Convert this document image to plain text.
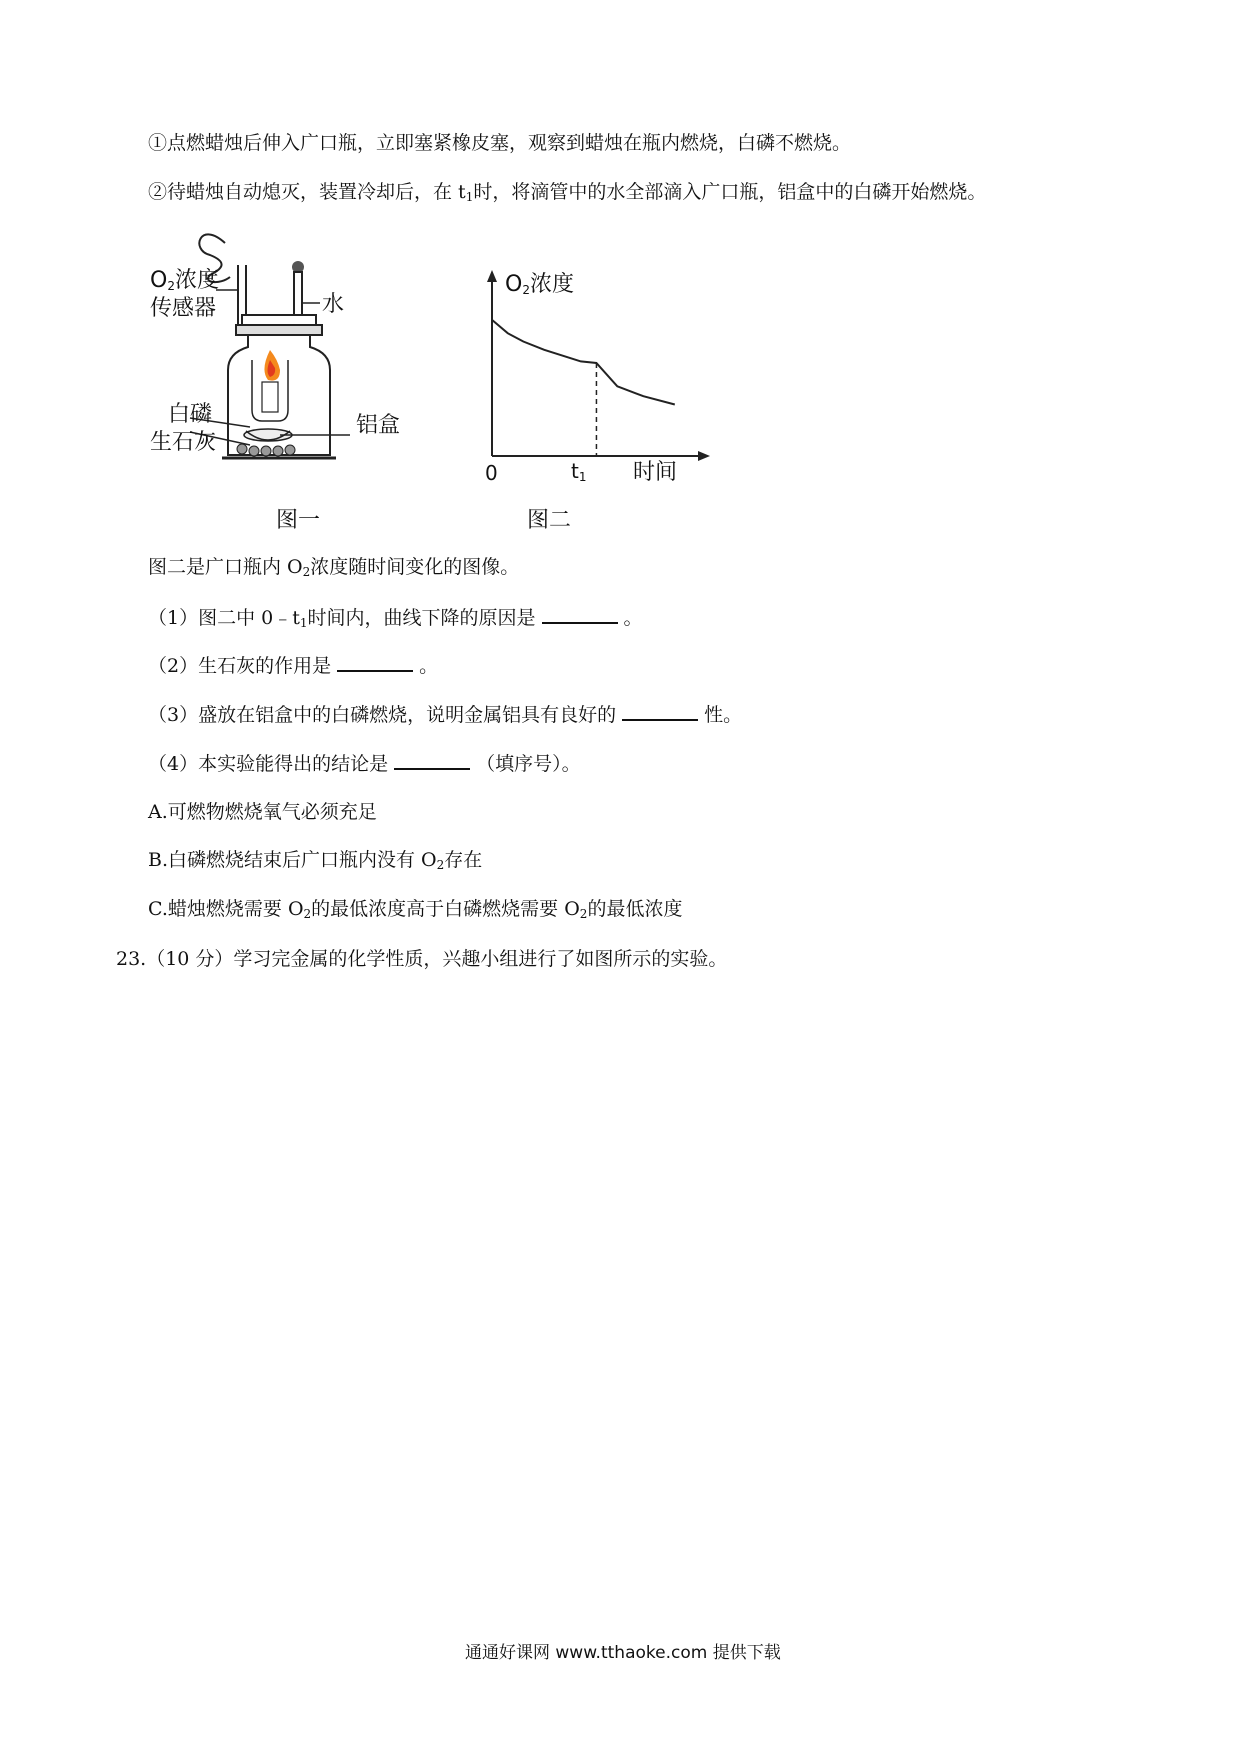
①点燃蜡烛后伸入广口瓶，立即塞紧橡皮塞，观察到蜡烛在瓶内燃烧，白磷不燃烧。
②待蜡烛自动熄灭，装置冷却后，在 $t_1$时，将滴管中的水全部滴入广口瓶，铝盒中的白磷开始燃烧。
$O_2$浓度
传感器	水
白磷
生石灰
铝盒
图一
$O_2$浓度
0	$t_1$ 时间
图二
图二是广口瓶内 $O_2$浓度随时间变化的图像。
（1）图二中 $0﹣t_1$时间内，曲线下降的原因是	。
（2）生石灰的作用是	。
（3）盛放在铝盒中的白磷燃烧，说明金属铝具有良好的	性。
（4）本实验能得出的结论是	（填序号）。
A.可燃物燃烧氧气必须充足
B.白磷燃烧结束后广口瓶内没有 $O_2$存在
C.蜡烛燃烧需要 $O_2$的最低浓度高于白磷燃烧需要 $O_2$的最低浓度
23.（10 分）学习完金属的化学性质，兴趣小组进行了如图所示的实验。
通通好课网 www.tthaoke.com 提供下载
